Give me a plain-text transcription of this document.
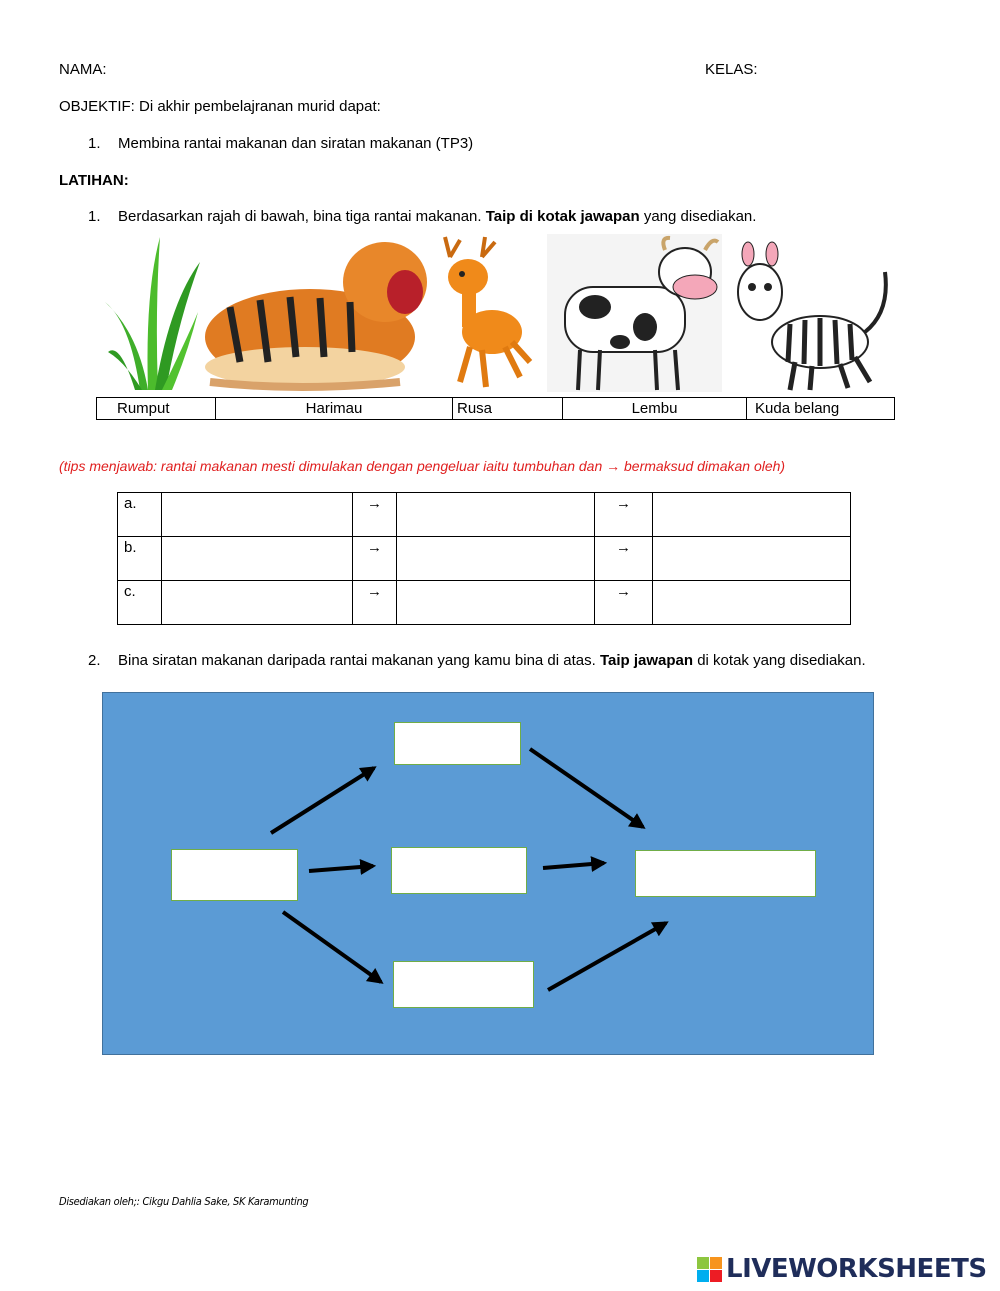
NAMA:	KELAS:
OBJEKTIF: Di akhir pembelajranan murid dapat:
1. Membina rantai makanan dan siratan makanan (TP3)
LATIHAN:
1. Berdasarkan rajah di bawah, bina tiga rantai makanan. Taip di kotak jawapan yang disediakan.
Rumput	Harimau	Rusa	Lembu	Kuda belang
(tips menjawab: rantai makanan mesti dimulakan dengan pengeluar iaitu tumbuhan dan → bermaksud dimakan oleh)
a.		→		→	
b.		→		→	
c.		→		→	
2. Bina siratan makanan daripada rantai makanan yang kamu bina di atas. Taip jawapan di kotak yang disediakan.
Disediakan oleh;: Cikgu Dahlia Sake, SK Karamunting
LIVEWORKSHEETS
